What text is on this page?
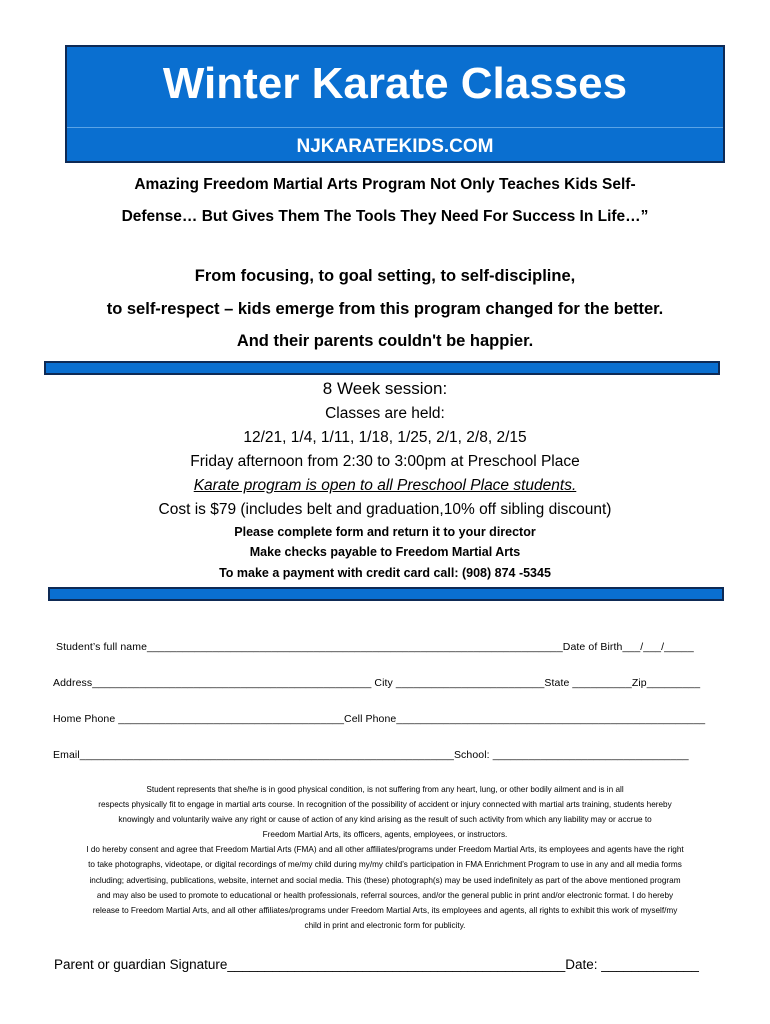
Winter Karate Classes
NJKARATEKIDS.COM
Amazing Freedom Martial Arts Program Not Only Teaches Kids Self-
Defense… But Gives Them The Tools They Need For Success In Life…”
From focusing, to goal setting, to self-discipline,
to self-respect – kids emerge from this program changed for the better.
And their parents couldn't be happier.
8 Week session:
Classes are held:
12/21, 1/4, 1/11, 1/18, 1/25, 2/1, 2/8, 2/15
Friday afternoon from 2:30 to 3:00pm at Preschool Place
Karate program is open to all Preschool Place students.
Cost is $79 (includes belt and graduation,10% off sibling discount)
Please complete form and return it to your director
Make checks payable to Freedom Martial Arts
To make a payment with credit card call: (908) 874 -5345
Student’s full name______________________________________________________________________Date of Birth___/___/_____
Address_______________________________________________ City _________________________State __________Zip_________
Home Phone ______________________________________Cell Phone____________________________________________________
Email_______________________________________________________________School: _________________________________
Student represents that she/he is in good physical condition, is not suffering from any heart, lung, or other bodily ailment and is in all
respects physically fit to engage in martial arts course. In recognition of the possibility of accident or injury connected with martial arts training, students hereby
knowingly and voluntarily waive any right or cause of action of any kind arising as the result of such activity from which any liability may or accrue to
Freedom Martial Arts, its officers, agents, employees, or instructors.
I do hereby consent and agree that Freedom Martial Arts (FMA) and all other affiliates/programs under Freedom Martial Arts, its employees and agents have the right
to take photographs, videotape, or digital recordings of me/my child during my/my child’s participation in FMA Enrichment Program to use in any and all media forms
including; advertising, publications, website, internet and social media. This (these) photograph(s) may be used indefinitely as part of the above mentioned program
and may also be used to promote to educational or health professionals, referral sources, and/or the general public in print and/or electronic format. I do hereby
release to Freedom Martial Arts, and all other affiliates/programs under Freedom Martial Arts, its employees and agents, all rights to exhibit this work of myself/my
child in print and electronic form for publicity.
Parent or guardian Signature_____________________________________________Date: _____________
